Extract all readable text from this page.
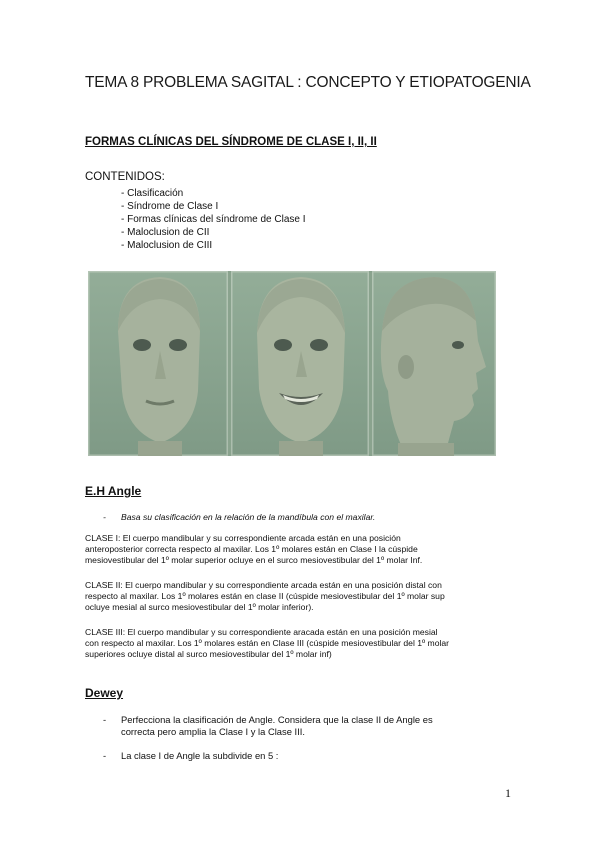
TEMA 8 PROBLEMA SAGITAL : CONCEPTO Y ETIOPATOGENIA
FORMAS CLÍNICAS DEL SÍNDROME DE CLASE I, II, II
CONTENIDOS:
- Clasificación
- Síndrome de Clase I
- Formas clínicas del síndrome de Clase I
- Maloclusion de CII
- Maloclusion de CIII
E.H Angle
- Basa su clasificación en la relación de la mandíbula con el maxilar.
CLASE I: El cuerpo mandibular y su correspondiente arcada están en una posición
anteroposterior correcta respecto al maxilar. Los 1º molares están en Clase I la cúspide
mesiovestibular del 1º molar superior ocluye en el surco mesiovestibular del 1º molar Inf.
CLASE II: El cuerpo mandibular y su correspondiente arcada están en una posición distal con
respecto al maxilar. Los 1º molares están en clase II (cúspide mesiovestibular del 1º molar sup
ocluye mesial al surco mesiovestibular del 1º molar inferior).
CLASE III: El cuerpo mandibular y su correspondiente aracada están en una posición mesial
con respecto al maxilar. Los 1º molares están en Clase III (cúspide mesiovestibular del 1º molar
superiores ocluye distal al surco mesiovestibular del 1º molar inf)
Dewey
- Perfecciona la clasificación de Angle. Considera que la clase II de Angle es
correcta pero amplia la Clase I y la Clase III.
- La clase I de Angle la subdivide en 5 :
1
